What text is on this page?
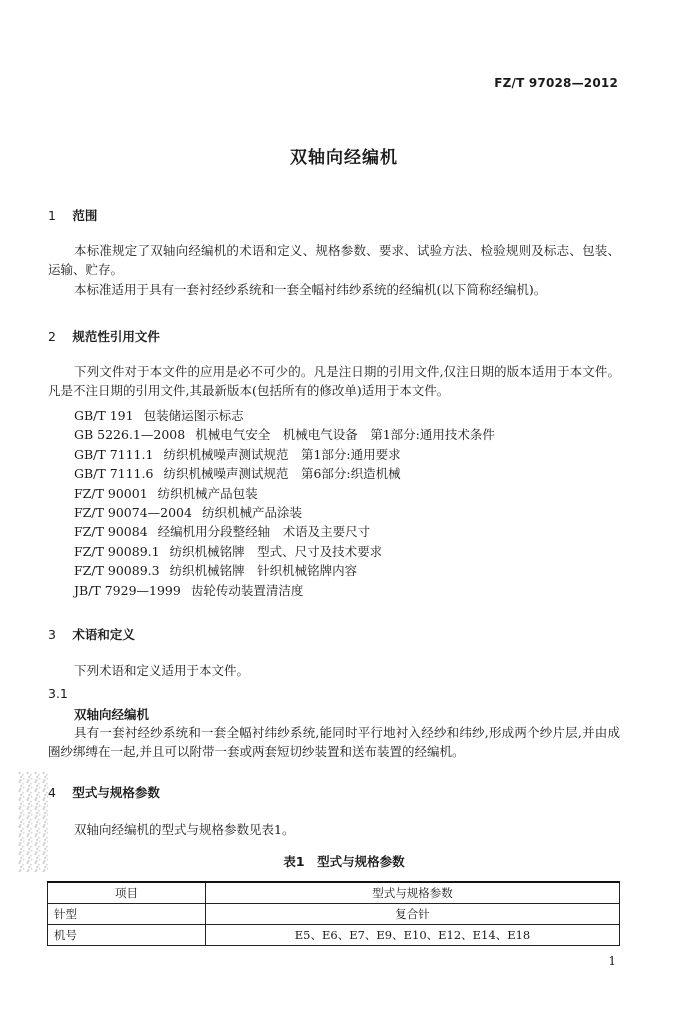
FZ/T 97028—2012
双轴向经编机
1 范围

本标准规定了双轴向经编机的术语和定义、规格参数、要求、试验方法、检验规则及标志、包装、运输、贮存。

本标准适用于具有一套衬经纱系统和一套全幅衬纬纱系统的经编机(以下简称经编机)。

2 规范性引用文件

下列文件对于本文件的应用是必不可少的。凡是注日期的引用文件,仅注日期的版本适用于本文件。凡是不注日期的引用文件,其最新版本(包括所有的修改单)适用于本文件。

GB/T 191 包装储运图示标志
GB 5226.1—2008 机械电气安全　机械电气设备　第1部分:通用技术条件
GB/T 7111.1 纺织机械噪声测试规范　第1部分:通用要求
GB/T 7111.6 纺织机械噪声测试规范　第6部分:织造机械
FZ/T 90001 纺织机械产品包装
FZ/T 90074—2004 纺织机械产品涂装
FZ/T 90084 经编机用分段整经轴　术语及主要尺寸
FZ/T 90089.1 纺织机械铭牌　型式、尺寸及技术要求
FZ/T 90089.3 纺织机械铭牌　针织机械铭牌内容
JB/T 7929—1999 齿轮传动装置清洁度
3 术语和定义

下列术语和定义适用于本文件。

3.1
双轴向经编机

具有一套衬经纱系统和一套全幅衬纬纱系统,能同时平行地衬入经纱和纬纱,形成两个纱片层,并由成圈纱绑缚在一起,并且可以附带一套或两套短切纱装置和送布装置的经编机。

4 型式与规格参数

双轴向经编机的型式与规格参数见表1。

表1　型式与规格参数
项目	型式与规格参数
针型	复合针
机号	E5、E6、E7、E9、E10、E12、E14、E18
1
